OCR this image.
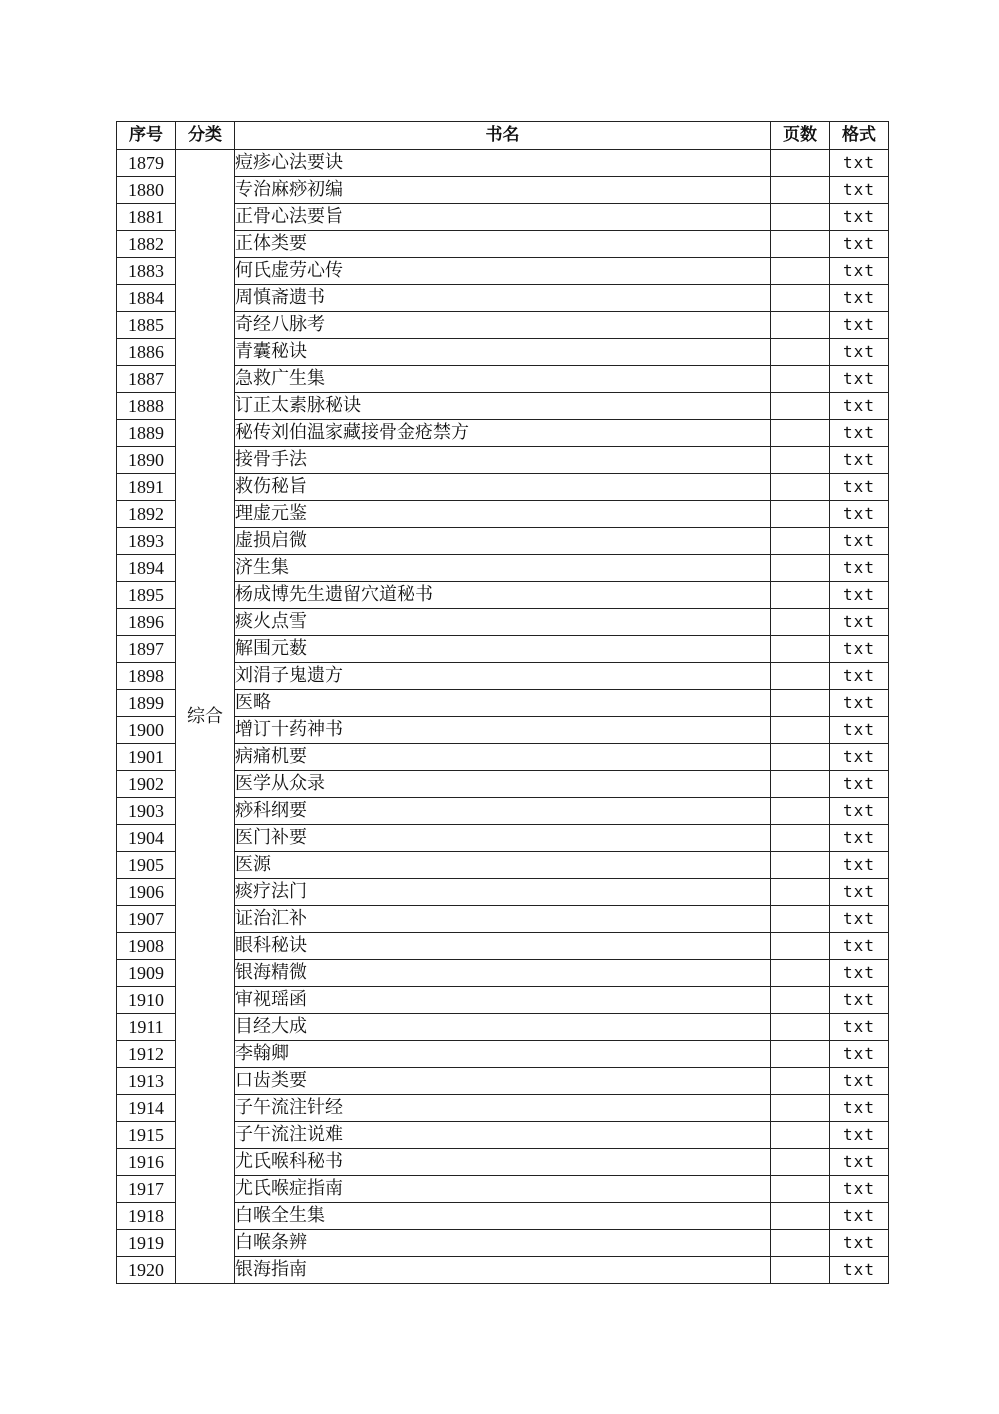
序号	分类	书名	页数	格式
1879	综合	痘疹心法要诀		txt
1880		专治麻痧初编		txt
1881		正骨心法要旨		txt
1882		正体类要		txt
1883		何氏虚劳心传		txt
1884		周慎斋遗书		txt
1885		奇经八脉考		txt
1886		青囊秘诀		txt
1887		急救广生集		txt
1888		订正太素脉秘诀		txt
1889		秘传刘伯温家藏接骨金疮禁方		txt
1890		接骨手法		txt
1891		救伤秘旨		txt
1892		理虚元鉴		txt
1893		虚损启微		txt
1894		济生集		txt
1895		杨成博先生遗留穴道秘书		txt
1896		痰火点雪		txt
1897		解围元薮		txt
1898		刘涓子鬼遗方		txt
1899		医略		txt
1900		增订十药神书		txt
1901		病痛机要		txt
1902		医学从众录		txt
1903		痧科纲要		txt
1904		医门补要		txt
1905		医源		txt
1906		痰疗法门		txt
1907		证治汇补		txt
1908		眼科秘诀		txt
1909		银海精微		txt
1910		审视瑶函		txt
1911		目经大成		txt
1912		李翰卿		txt
1913		口齿类要		txt
1914		子午流注针经		txt
1915		子午流注说难		txt
1916		尤氏喉科秘书		txt
1917		尤氏喉症指南		txt
1918		白喉全生集		txt
1919		白喉条辨		txt
1920		银海指南		txt
